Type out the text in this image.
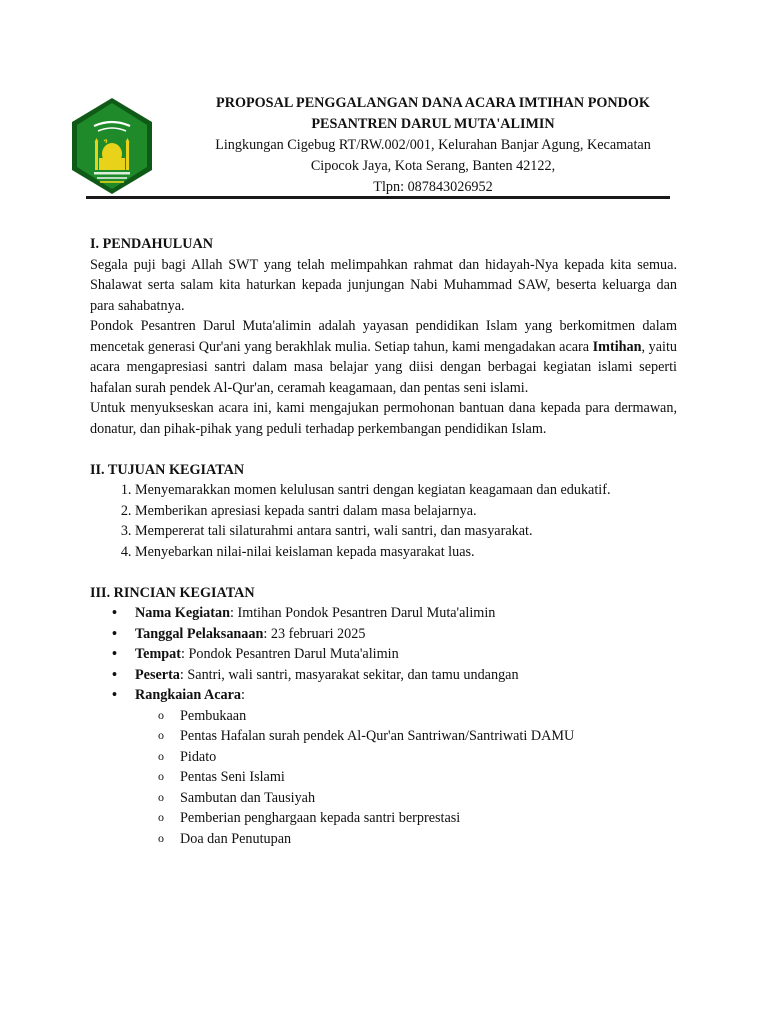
PROPOSAL PENGGALANGAN DANA ACARA IMTIHAN PONDOK
PESANTREN DARUL MUTA'ALIMIN
Lingkungan Cigebug RT/RW.002/001, Kelurahan Banjar Agung, Kecamatan
Cipocok Jaya, Kota Serang, Banten 42122,
Tlpn: 087843026952
I. PENDAHULUAN

Segala puji bagi Allah SWT yang telah melimpahkan rahmat dan hidayah-Nya kepada kita semua. Shalawat serta salam kita haturkan kepada junjungan Nabi Muhammad SAW, beserta keluarga dan para sahabatnya.

Pondok Pesantren Darul Muta'alimin adalah yayasan pendidikan Islam yang berkomitmen dalam mencetak generasi Qur'ani yang berakhlak mulia. Setiap tahun, kami mengadakan acara Imtihan, yaitu acara mengapresiasi santri dalam masa belajar yang diisi dengan berbagai kegiatan islami seperti hafalan surah pendek Al-Qur'an, ceramah keagamaan, dan pentas seni islami.

Untuk menyukseskan acara ini, kami mengajukan permohonan bantuan dana kepada para dermawan, donatur, dan pihak-pihak yang peduli terhadap perkembangan pendidikan Islam.

II. TUJUAN KEGIATAN
1. Menyemarakkan momen kelulusan santri dengan kegiatan keagamaan dan edukatif.
2. Memberikan apresiasi kepada santri dalam masa belajarnya.
3. Mempererat tali silaturahmi antara santri, wali santri, dan masyarakat.
4. Menyebarkan nilai-nilai keislaman kepada masyarakat luas.
III. RINCIAN KEGIATAN
• Nama Kegiatan: Imtihan Pondok Pesantren Darul Muta'alimin
• Tanggal Pelaksanaan: 23 februari 2025
• Tempat: Pondok Pesantren Darul Muta'alimin
• Peserta: Santri, wali santri, masyarakat sekitar, dan tamu undangan
• Rangkaian Acara:
o Pembukaan
o Pentas Hafalan surah pendek Al-Qur'an Santriwan/Santriwati DAMU
o Pidato
o Pentas Seni Islami
o Sambutan dan Tausiyah
o Pemberian penghargaan kepada santri berprestasi
o Doa dan Penutupan
